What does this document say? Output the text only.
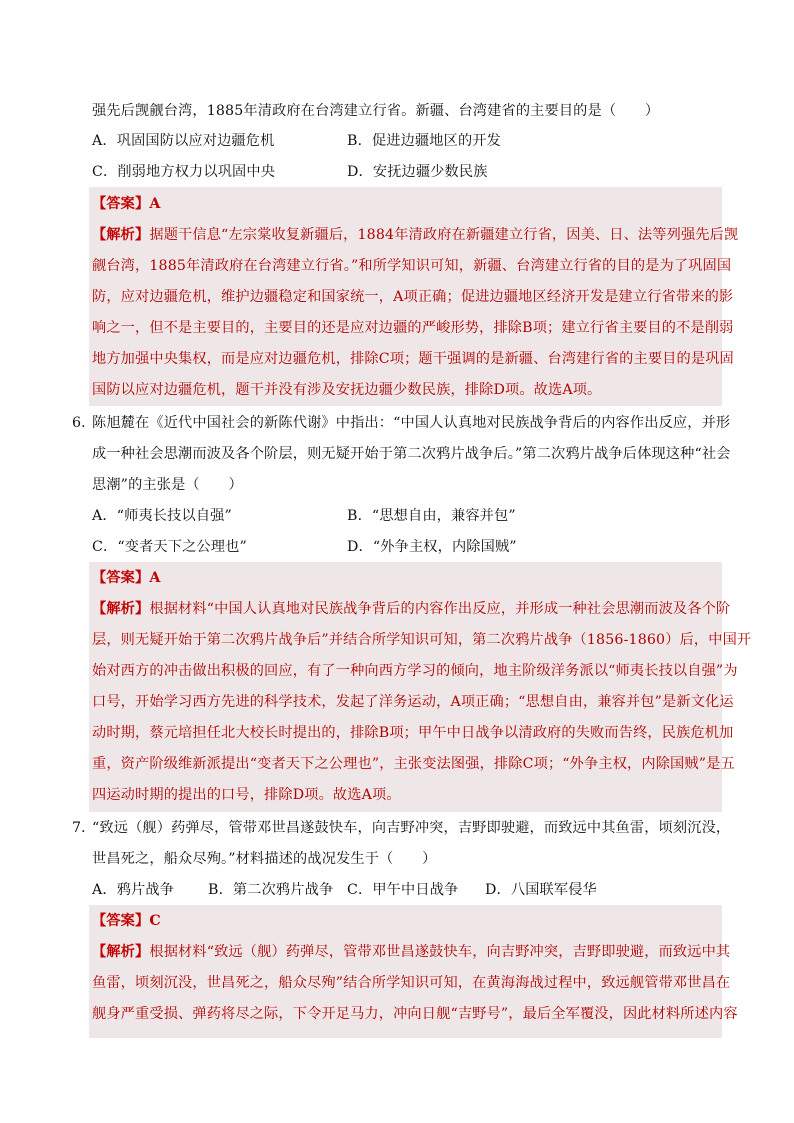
强先后觊觎台湾，1885年清政府在台湾建立行省。新疆、台湾建省的主要目的是（　　）
A．巩固国防以应对边疆危机	B．促进边疆地区的开发
C．削弱地方权力以巩固中央	D．安抚边疆少数民族
【答案】A
【解析】据题干信息“左宗棠收复新疆后，1884年清政府在新疆建立行省，因美、日、法等列强先后觊
觎台湾，1885年清政府在台湾建立行省。”和所学知识可知，新疆、台湾建立行省的目的是为了巩固国
防，应对边疆危机，维护边疆稳定和国家统一，A项正确；促进边疆地区经济开发是建立行省带来的影
响之一，但不是主要目的，主要目的还是应对边疆的严峻形势，排除B项；建立行省主要目的不是削弱
地方加强中央集权，而是应对边疆危机，排除C项；题干强调的是新疆、台湾建行省的主要目的是巩固
国防以应对边疆危机，题干并没有涉及安抚边疆少数民族，排除D项。故选A项。
6．
陈旭麓在《近代中国社会的新陈代谢》中指出：“中国人认真地对民族战争背后的内容作出反应，并形
成一种社会思潮而波及各个阶层，则无疑开始于第二次鸦片战争后。”第二次鸦片战争后体现这种“社会
思潮”的主张是（　　）
A．“师夷长技以自强”	B．“思想自由，兼容并包”
C．“变者天下之公理也”	D．“外争主权，内除国贼”
【答案】A
【解析】根据材料“中国人认真地对民族战争背后的内容作出反应，并形成一种社会思潮而波及各个阶
层，则无疑开始于第二次鸦片战争后”并结合所学知识可知，第二次鸦片战争（1856-1860）后，中国开
始对西方的冲击做出积极的回应，有了一种向西方学习的倾向，地主阶级洋务派以“师夷长技以自强”为
口号，开始学习西方先进的科学技术，发起了洋务运动，A项正确；“思想自由，兼容并包”是新文化运
动时期，蔡元培担任北大校长时提出的，排除B项；甲午中日战争以清政府的失败而告终，民族危机加
重，资产阶级维新派提出“变者天下之公理也”，主张变法图强，排除C项；“外争主权，内除国贼”是五
四运动时期的提出的口号，排除D项。故选A项。
7．
“致远（舰）药弹尽，管带邓世昌遂鼓快车，向吉野冲突，吉野即驶避，而致远中其鱼雷，顷刻沉没，
世昌死之，船众尽殉。”材料描述的战况发生于（　　）
A．鸦片战争 B．第二次鸦片战争 C．甲午中日战争 D．八国联军侵华
【答案】C
【解析】根据材料“致远（舰）药弹尽，管带邓世昌遂鼓快车，向吉野冲突，吉野即驶避，而致远中其
鱼雷，顷刻沉没，世昌死之，船众尽殉”结合所学知识可知，在黄海海战过程中，致远舰管带邓世昌在
舰身严重受损、弹药将尽之际，下令开足马力，冲向日舰“吉野号”，最后全军覆没，因此材料所述内容
